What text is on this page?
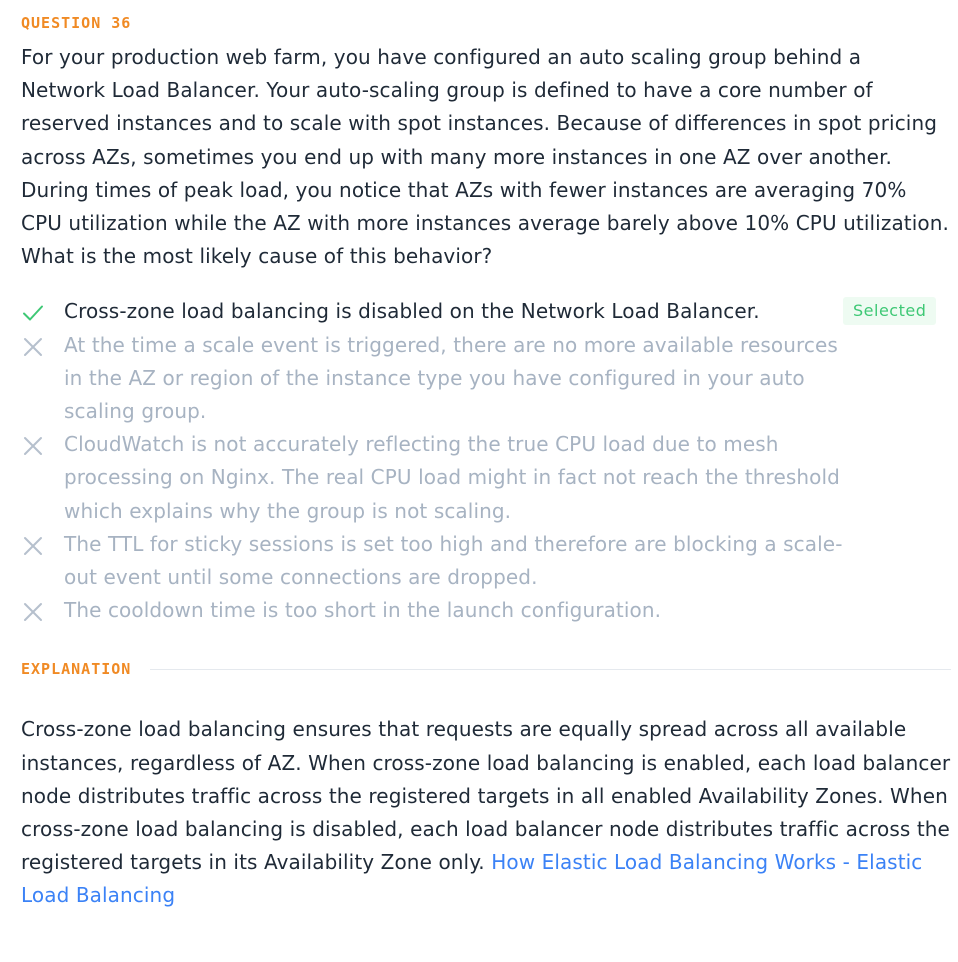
QUESTION 36
For your production web farm, you have configured an auto scaling group behind a Network Load Balancer. Your auto-scaling group is defined to have a core number of reserved instances and to scale with spot instances. Because of differences in spot pricing across AZs, sometimes you end up with many more instances in one AZ over another. During times of peak load, you notice that AZs with fewer instances are averaging 70% CPU utilization while the AZ with more instances average barely above 10% CPU utilization. What is the most likely cause of this behavior?
Cross-zone load balancing is disabled on the Network Load Balancer.	Selected
At the time a scale event is triggered, there are no more available resources in the AZ or region of the instance type you have configured in your auto scaling group.
CloudWatch is not accurately reflecting the true CPU load due to mesh processing on Nginx. The real CPU load might in fact not reach the threshold which explains why the group is not scaling.
The TTL for sticky sessions is set too high and therefore are blocking a scale-out event until some connections are dropped.
The cooldown time is too short in the launch configuration.
EXPLANATION
Cross-zone load balancing ensures that requests are equally spread across all available instances, regardless of AZ. When cross-zone load balancing is enabled, each load balancer node distributes traffic across the registered targets in all enabled Availability Zones. When cross-zone load balancing is disabled, each load balancer node distributes traffic across the registered targets in its Availability Zone only. How Elastic Load Balancing Works - Elastic Load Balancing
